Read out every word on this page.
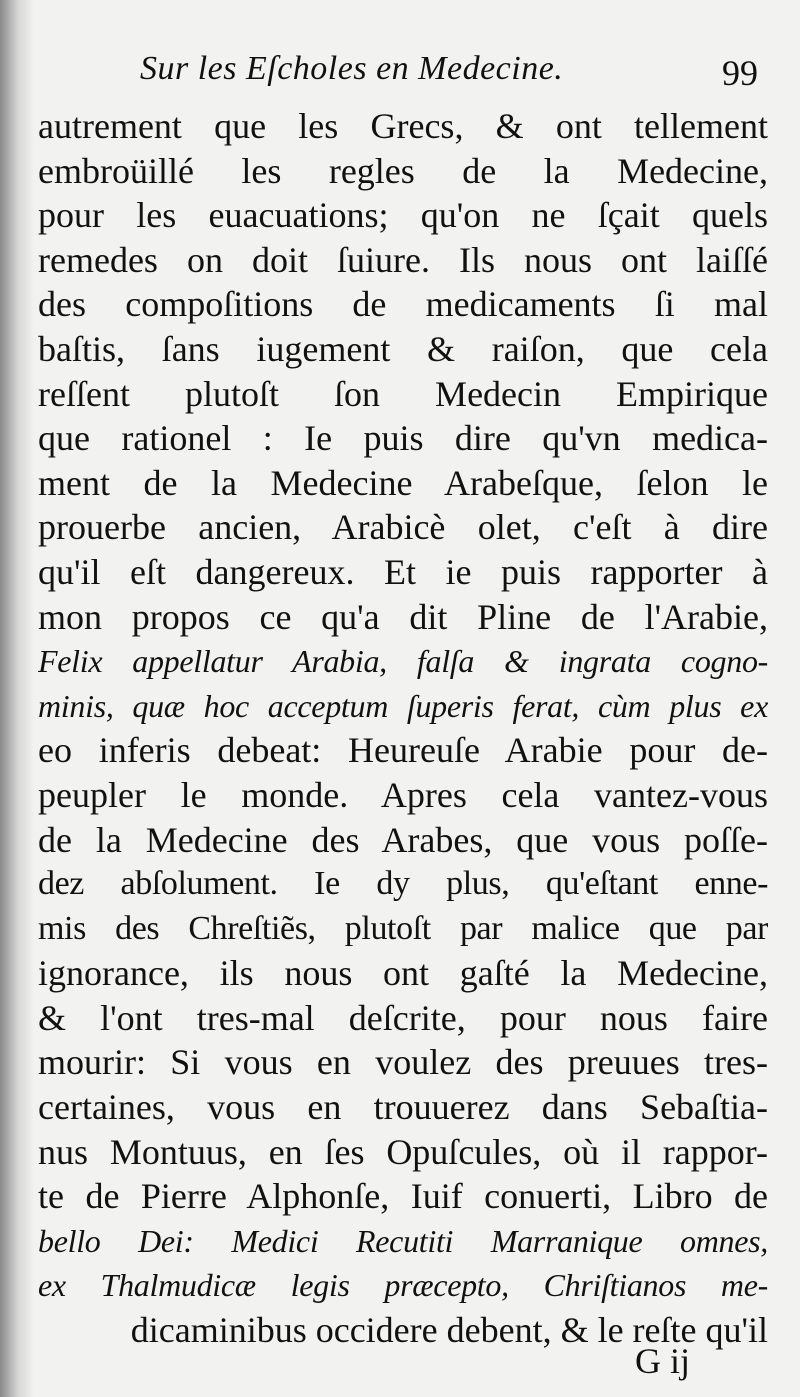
Sur les Eſcholes en Medecine.	99
autrement que les Grecs, & ont tellement
embroüillé les regles de la Medecine,
pour les euacuations; qu'on ne ſçait quels
remedes on doit ſuiure. Ils nous ont laiſſé
des compoſitions de medicaments ſi mal
baſtis, ſans iugement & raiſon, que cela
reſſent plutoſt ſon Medecin Empirique
que rationel : Ie puis dire qu'vn medica-
ment de la Medecine Arabeſque, ſelon le
prouerbe ancien, Arabicè olet, c'eſt à dire
qu'il eſt dangereux. Et ie puis rapporter à
mon propos ce qu'a dit Pline de l'Arabie,
Felix appellatur Arabia, falſa & ingrata cogno-
minis, quæ hoc acceptum ſuperis ferat, cùm plus ex
eo inferis debeat: Heureuſe Arabie pour de-
peupler le monde. Apres cela vantez-vous
de la Medecine des Arabes, que vous poſſe-
dez abſolument. Ie dy plus, qu'eſtant enne-
mis des Chreſtiẽs, plutoſt par malice que par
ignorance, ils nous ont gaſté la Medecine,
& l'ont tres-mal deſcrite, pour nous faire
mourir: Si vous en voulez des preuues tres-
certaines, vous en trouuerez dans Sebaſtia-
nus Montuus, en ſes Opuſcules, où il rappor-
te de Pierre Alphonſe, Iuif conuerti, Libro de
bello Dei: Medici Recutiti Marranique omnes,
ex Thalmudicæ legis præcepto, Chriſtianos me-
dicaminibus occidere debent, & le reſte qu'il
G ij
